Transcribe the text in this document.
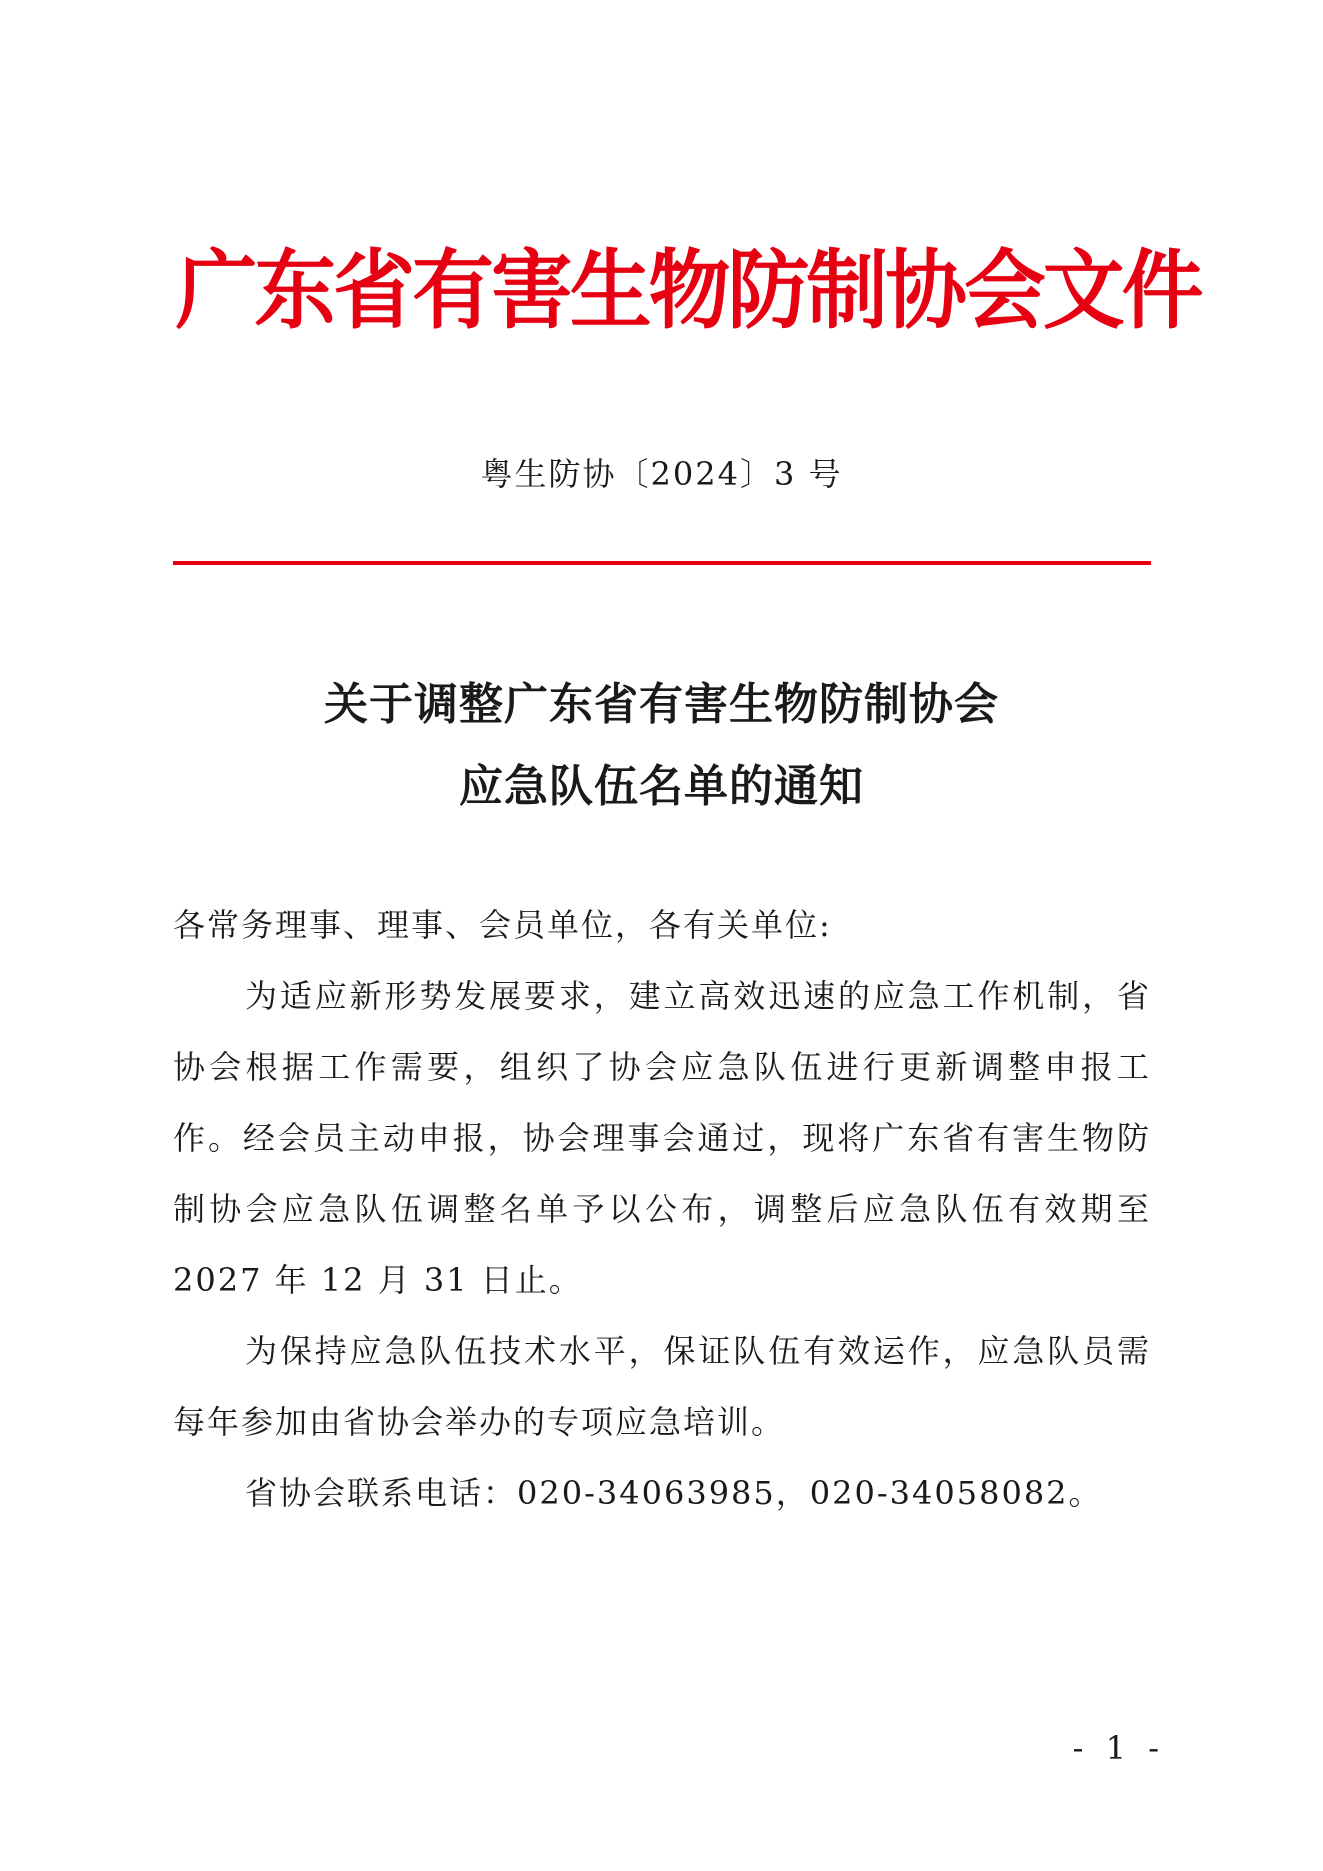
广东省有害生物防制协会文件
粤生防协〔2024〕3 号
关于调整广东省有害生物防制协会
应急队伍名单的通知

各常务理事、理事、会员单位，各有关单位:

为适应新形势发展要求，建立高效迅速的应急工作机制，省协会根据工作需要，组织了协会应急队伍进行更新调整申报工作。经会员主动申报，协会理事会通过，现将广东省有害生物防制协会应急队伍调整名单予以公布，调整后应急队伍有效期至 2027 年 12 月 31 日止。

为保持应急队伍技术水平，保证队伍有效运作，应急队员需每年参加由省协会举办的专项应急培训。

省协会联系电话：020-34063985，020-34058082。

- 1 -
